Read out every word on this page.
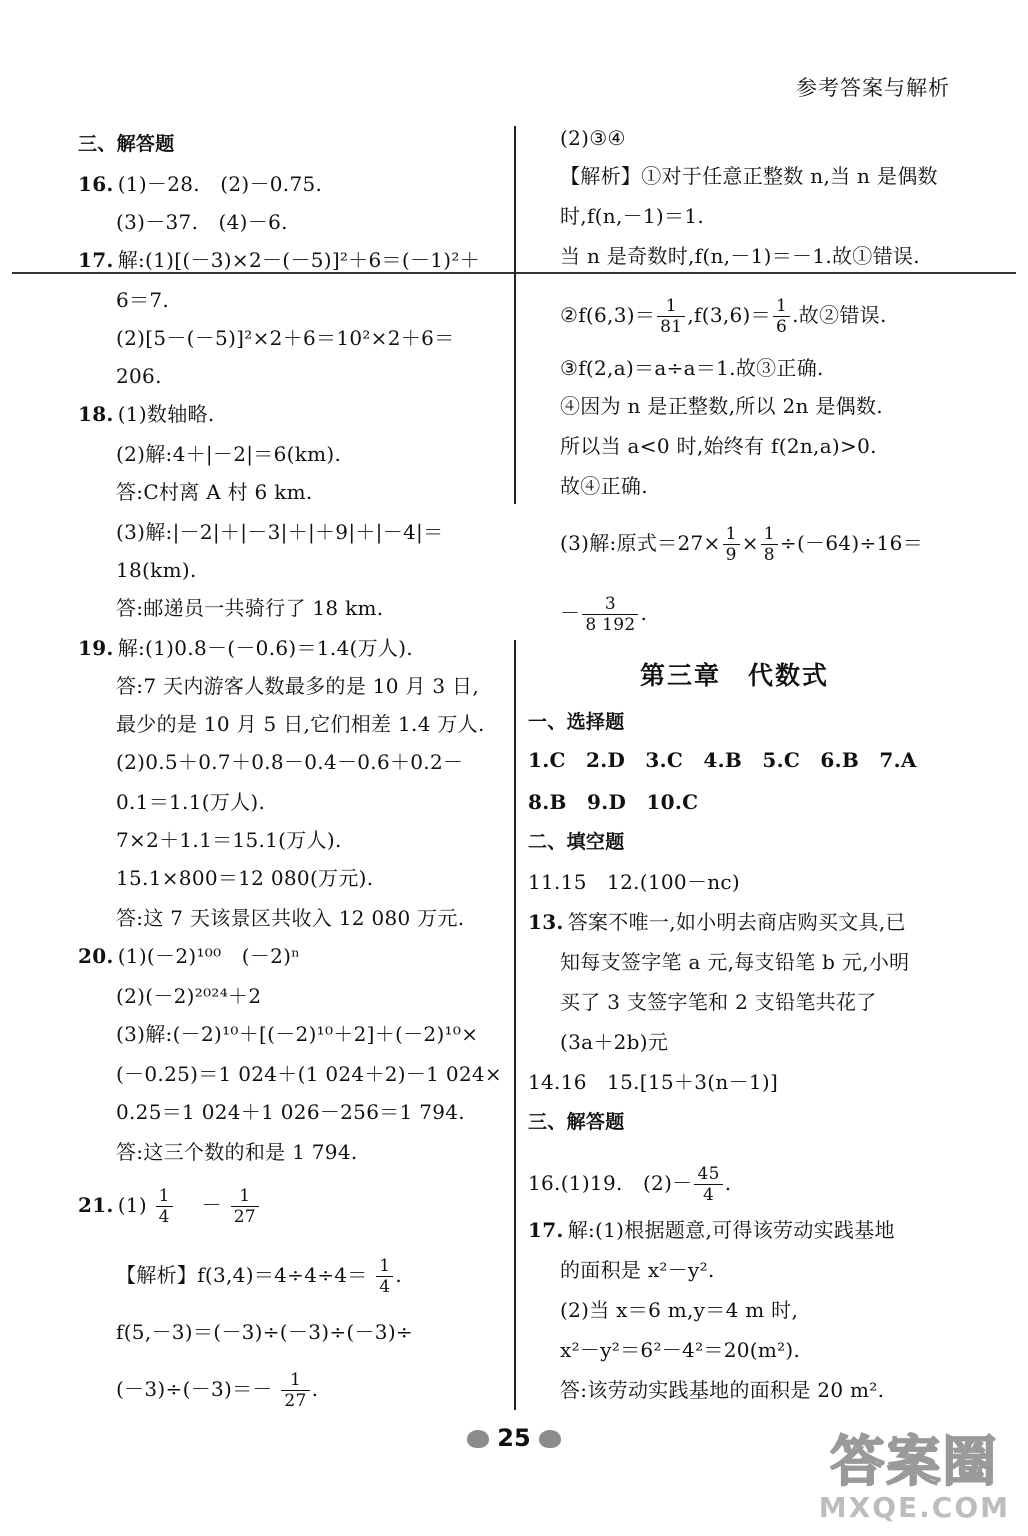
参考答案与解析
三、解答题
16. (1)－28.　(2)－0.75.
(3)－37.　(4)－6.
17. 解:(1)[(－3)×2－(－5)]²＋6＝(－1)²＋
6＝7.
(2)[5－(－5)]²×2＋6＝10²×2＋6＝
206.
18. (1)数轴略.
(2)解:4＋|－2|＝6(km).
答:C村离 A 村 6 km.
(3)解:|－2|＋|－3|＋|＋9|＋|－4|＝
18(km).
答:邮递员一共骑行了 18 km.
19. 解:(1)0.8－(－0.6)＝1.4(万人).
答:7 天内游客人数最多的是 10 月 3 日,
最少的是 10 月 5 日,它们相差 1.4 万人.
(2)0.5＋0.7＋0.8－0.4－0.6＋0.2－
0.1＝1.1(万人).
7×2＋1.1＝15.1(万人).
15.1×800＝12 080(万元).
答:这 7 天该景区共收入 12 080 万元.
20. (1)(－2)¹⁰⁰　(－2)ⁿ
(2)(－2)²⁰²⁴＋2
(3)解:(－2)¹⁰＋[(－2)¹⁰＋2]＋(－2)¹⁰×
(－0.25)＝1 024＋(1 024＋2)－1 024×
0.25＝1 024＋1 026－256＝1 794.
答:这三个数的和是 1 794.
21. $(1) \frac{1}{4}$ 　－ $\frac{1}{27}$
【解析】$f(3,4)=4\div 4\div 4= \frac{1}{4}$ .
f(5,－3)＝(－3)÷(－3)÷(－3)÷
$(-3)\div(-3)=- \frac{1}{27}$ .
(2)③④
【解析】①对于任意正整数 n,当 n 是偶数
时,f(n,－1)＝1.
当 n 是奇数时,f(n,－1)＝－1.故①错误.
②f(6,3)＝ $\frac{1}{81} ,f(3,6)= \frac{1}{6}$ .故②错误.
③f(2,a)＝a÷a＝1.故③正确.
④因为 n 是正整数,所以 2n 是偶数.
所以当 a<0 时,始终有 f(2n,a)>0.
故④正确.
(3)解:原式$=27\times \frac{1}{9} \times \frac{1}{8} \div(-64)\div 16=$
－ $\frac{3}{8 192}$ .
第三章　代数式
一、选择题
1.C　2.D　3.C　4.B　5.C　6.B　7.A
8.B　9.D　10.C
二、填空题
11.15　12.(100－nc)
13. 答案不唯一,如小明去商店购买文具,已
知每支签字笔 a 元,每支铅笔 b 元,小明
买了 3 支签字笔和 2 支铅笔共花了
(3a＋2b)元
14.16　15.[15＋3(n－1)]
三、解答题
16.(1)19.　$(2)- \frac{45}{4}$ .
17. 解:(1)根据题意,可得该劳动实践基地
的面积是 x²－y².
(2)当 x＝6 m,y＝4 m 时,
x²－y²＝6²－4²＝20(m²).
答:该劳动实践基地的面积是 20 m².
25	答案圈
MXQE.COM
